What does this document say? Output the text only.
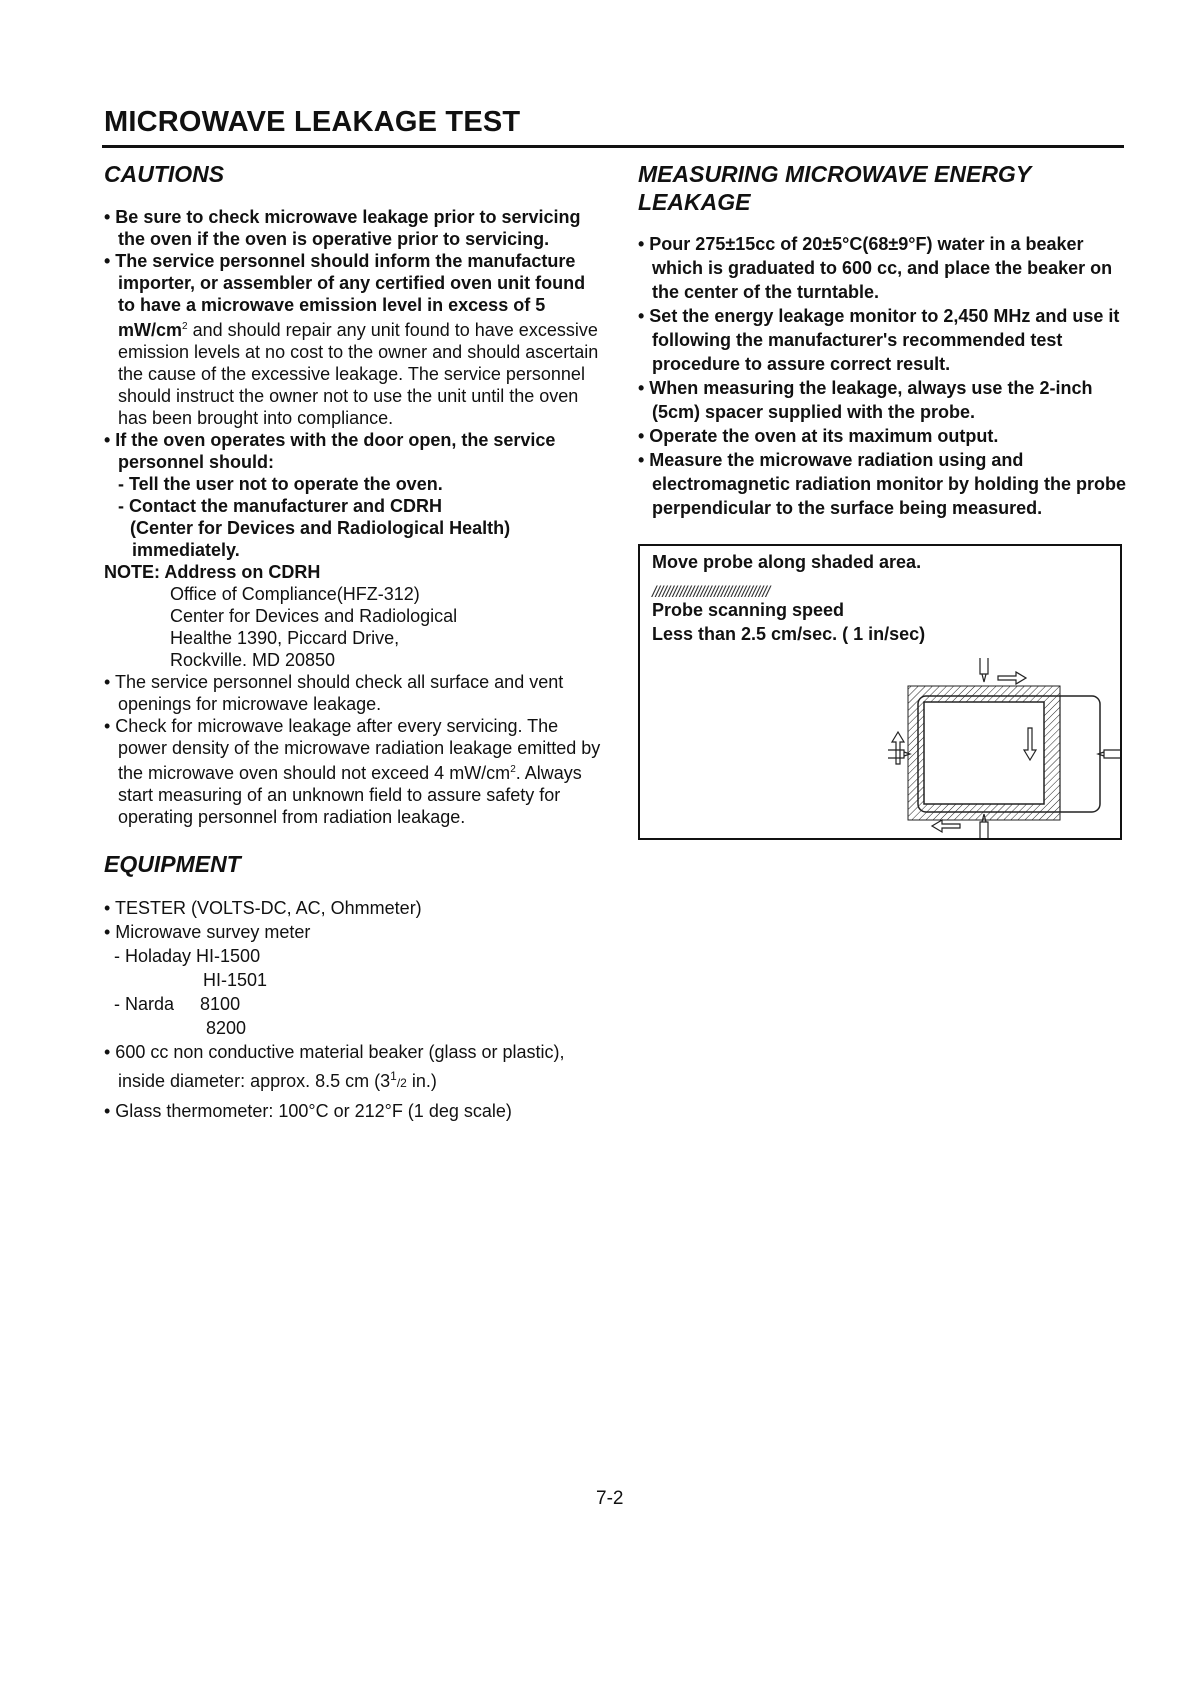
MICROWAVE LEAKAGE TEST
CAUTIONS
• Be sure to check microwave leakage prior to servicing the oven if the oven is operative prior to servicing.
• The service personnel should inform the manufacture importer, or assembler of any certified oven unit found to have a microwave emission level in excess of 5 $mW/cm^2$ and should repair any unit found to have excessive emission levels at no cost to the owner and should ascertain the cause of the excessive leakage. The service personnel should instruct the owner not to use the unit until the oven has been brought into compliance.
• If the oven operates with the door open, the service personnel should:
- Tell the user not to operate the oven.
- Contact the manufacturer and CDRH
(Center for Devices and Radiological Health)
immediately.
NOTE: Address on CDRH
Office of Compliance(HFZ-312)
Center for Devices and Radiological
Healthe 1390, Piccard Drive,
Rockville. MD 20850
• The service personnel should check all surface and vent openings for microwave leakage.
• Check for microwave leakage after every servicing. The power density of the microwave radiation leakage emitted by the microwave oven should not exceed 4 $mW/cm^2$. Always start measuring of an unknown field to assure safety for operating personnel from radiation leakage.
EQUIPMENT
• TESTER (VOLTS-DC, AC, Ohmmeter)
• Microwave survey meter
- Holaday HI-1500
HI-1501
- Narda 8100
8200
• 600 cc non conductive material beaker (glass or plastic), inside diameter: approx. 8.5 cm ($3^1/2$ in.)
• Glass thermometer: 100°C or 212°F (1 deg scale)
MEASURING MICROWAVE ENERGY LEAKAGE
• Pour 275±15cc of 20±5°C(68±9°F) water in a beaker which is graduated to 600 cc, and place the beaker on the center of the turntable.
• Set the energy leakage monitor to 2,450 MHz and use it following the manufacturer's recommended test procedure to assure correct result.
• When measuring the leakage, always use the 2-inch (5cm) spacer supplied with the probe.
• Operate the oven at its maximum output.
• Measure the microwave radiation using and electromagnetic radiation monitor by holding the probe perpendicular to the surface being measured.
Move probe along shaded area.
//////////////////////////////////
Probe scanning speed
Less than 2.5 cm/sec. ( 1 in/sec)
7-2
